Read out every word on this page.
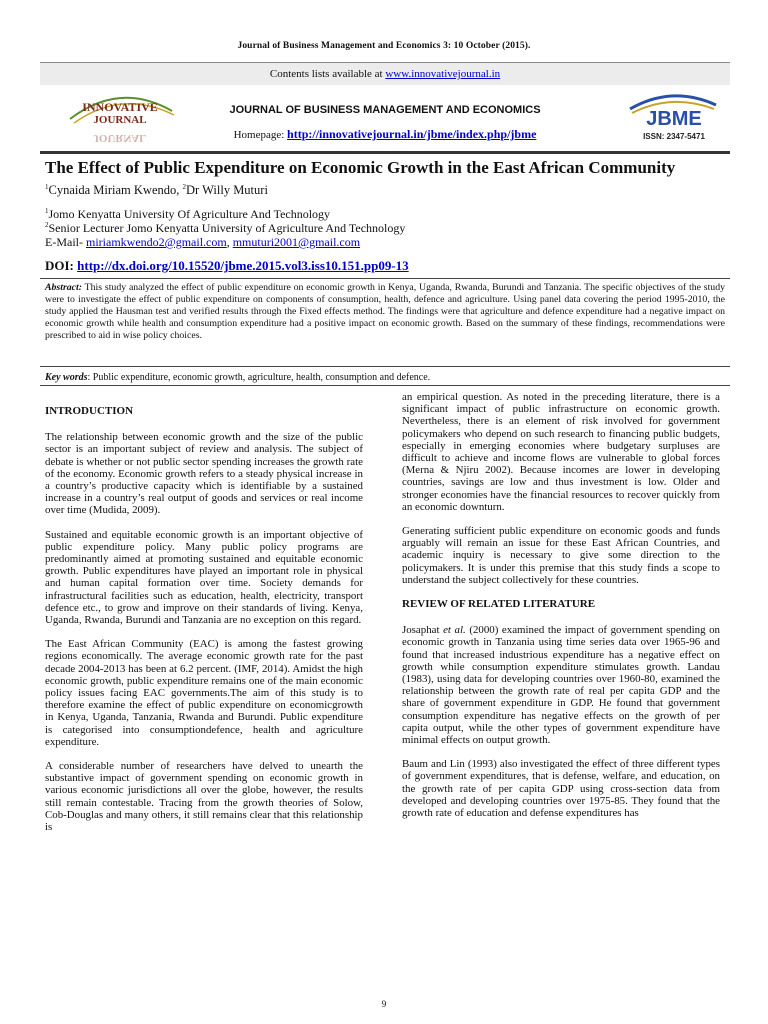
Journal of Business Management and Economics 3: 10 October (2015).
Contents lists available at www.innovativejournal.in
INNOVATIVE
JOURNAL
JOURNAL
JOURNAL OF BUSINESS MANAGEMENT AND ECONOMICS
Homepage: http://innovativejournal.in/jbme/index.php/jbme
JBME
ISSN: 2347-5471
The Effect of Public Expenditure on Economic Growth in the East African Community
$^1$Cynaida Miriam Kwendo, $^2$Dr Willy Muturi
$^1$Jomo Kenyatta University Of Agriculture And Technology
$^2$Senior Lecturer Jomo Kenyatta University of Agriculture And Technology
E-Mail- miriamkwendo2@gmail.com, mmuturi2001@gmail.com
DOI: http://dx.doi.org/10.15520/jbme.2015.vol3.iss10.151.pp09-13
Abstract: This study analyzed the effect of public expenditure on economic growth in Kenya, Uganda, Rwanda, Burundi and Tanzania. The specific objectives of the study were to investigate the effect of public expenditure on components of consumption, health, defence and agriculture. Using panel data covering the period 1995-2010, the study applied the Hausman test and verified results through the Fixed effects method. The findings were that agriculture and defence expenditure had a negative impact on economic growth while health and consumption expenditure had a positive impact on economic growth. Based on the summary of these findings, recommendations were prescribed to aid in wise policy choices.
Key words: Public expenditure, economic growth, agriculture, health, consumption and defence.
INTRODUCTION

The relationship between economic growth and the size of the public sector is an important subject of review and analysis. The subject of debate is whether or not public sector spending increases the growth rate of the economy. Economic growth refers to a steady physical increase in a country’s productive capacity which is identifiable by a sustained increase in a country’s real output of goods and services or real income over time (Mudida, 2009).

Sustained and equitable economic growth is an important objective of public expenditure policy. Many public policy programs are predominantly aimed at promoting sustained and equitable economic growth. Public expenditures have played an important role in physical and human capital formation over time. Society demands for infrastructural facilities such as education, health, electricity, transport defence etc., to grow and improve on their standards of living. Kenya, Uganda, Rwanda, Burundi and Tanzania are no exception on this regard.

The East African Community (EAC) is among the fastest growing regions economically. The average economic growth rate for the past decade 2004-2013 has been at 6.2 percent. (IMF, 2014). Amidst the high economic growth, public expenditure remains one of the main economic policy issues facing EAC governments.The aim of this study is to therefore examine the effect of public expenditure on economicgrowth in Kenya, Uganda, Tanzania, Rwanda and Burundi. Public expenditure is categorised into consumptiondefence, health and agriculture expenditure.

A considerable number of researchers have delved to unearth the substantive impact of government spending on economic growth in various economic jurisdictions all over the globe, however, the results still remain contestable. Tracing from the growth theories of Solow, Cob-Douglas and many others, it still remains clear that this relationship is

an empirical question. As noted in the preceding literature, there is a significant impact of public infrastructure on economic growth. Nevertheless, there is an element of risk involved for government policymakers who depend on such research to financing public budgets, especially in emerging economies where budgetary surpluses are difficult to achieve and income flows are vulnerable to global forces (Merna & Njiru 2002). Because incomes are lower in developing countries, savings are low and thus investment is low. Older and stronger economies have the financial resources to recover quickly from an economic downturn.

Generating sufficient public expenditure on economic goods and funds arguably will remain an issue for these East African Countries, and academic inquiry is necessary to give some direction to the policymakers. It is under this premise that this study finds a scope to understand the subject collectively for these countries.

REVIEW OF RELATED LITERATURE

Josaphat et al. (2000) examined the impact of government spending on economic growth in Tanzania using time series data over 1965-96 and found that increased industrious expenditure has a negative effect on growth while consumption expenditure stimulates growth. Landau (1983), using data for developing countries over 1960-80, examined the relationship between the growth rate of real per capita GDP and the share of government expenditure in GDP. He found that government consumption expenditure has negative effects on the growth of per capita output, while the other types of government expenditure have minimal effects on output growth.

Baum and Lin (1993) also investigated the effect of three different types of government expenditures, that is defense, welfare, and education, on the growth rate of per capita GDP using cross-section data from developed and developing countries over 1975-85. They found that the growth rate of education and defense expenditures has

9
